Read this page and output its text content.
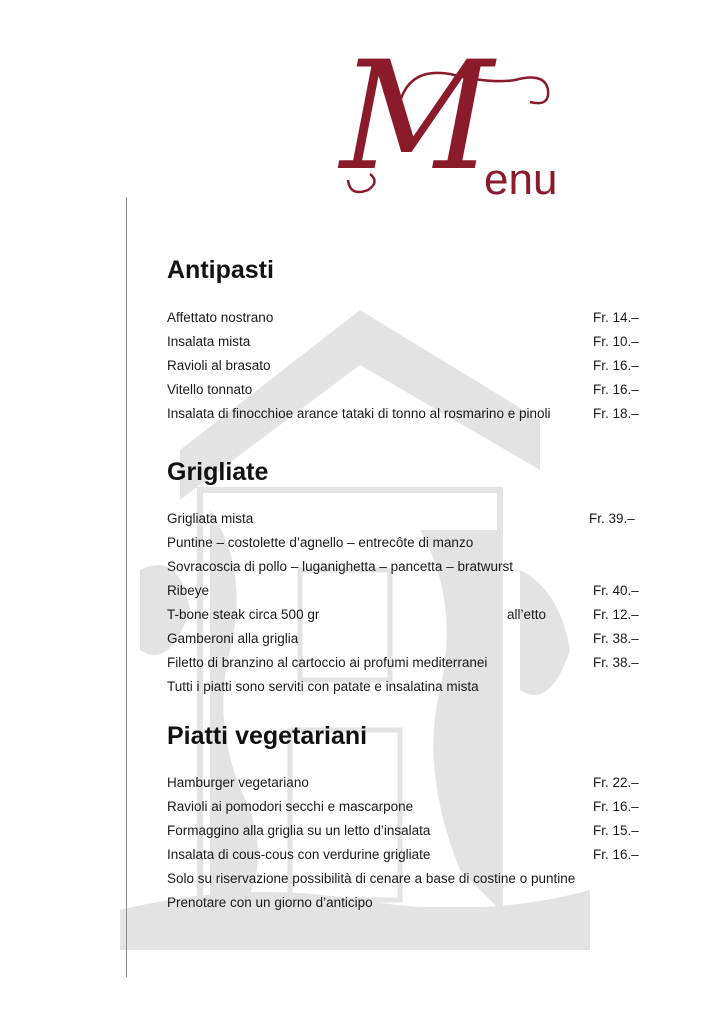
M
enu
Antipasti
Affettato nostrano	Fr. 14.–
Insalata mista	Fr. 10.–
Ravioli al brasato	Fr. 16.–
Vitello tonnato	Fr. 16.–
Insalata di finocchioe arance tataki di tonno al rosmarino e pinoli	Fr. 18.–
Grigliate
Grigliata mista	Fr. 39.–
Puntine – costolette d’agnello – entrecôte di manzo
Sovracoscia di pollo – luganighetta – pancetta – bratwurst
Ribeye	Fr. 40.–
T-bone steak circa 500 gr	all’etto	Fr. 12.–
Gamberoni alla griglia	Fr. 38.–
Filetto di branzino al cartoccio ai profumi mediterranei	Fr. 38.–
Tutti i piatti sono serviti con patate e insalatina mista
Piatti vegetariani
Hamburger vegetariano	Fr. 22.–
Ravioli ai pomodori secchi e mascarpone	Fr. 16.–
Formaggino alla griglia su un letto d’insalata	Fr. 15.–
Insalata di cous-cous con verdurine grigliate	Fr. 16.–
Solo su riservazione possibilità di cenare a base di costine o puntine
Prenotare con un giorno d’anticipo
